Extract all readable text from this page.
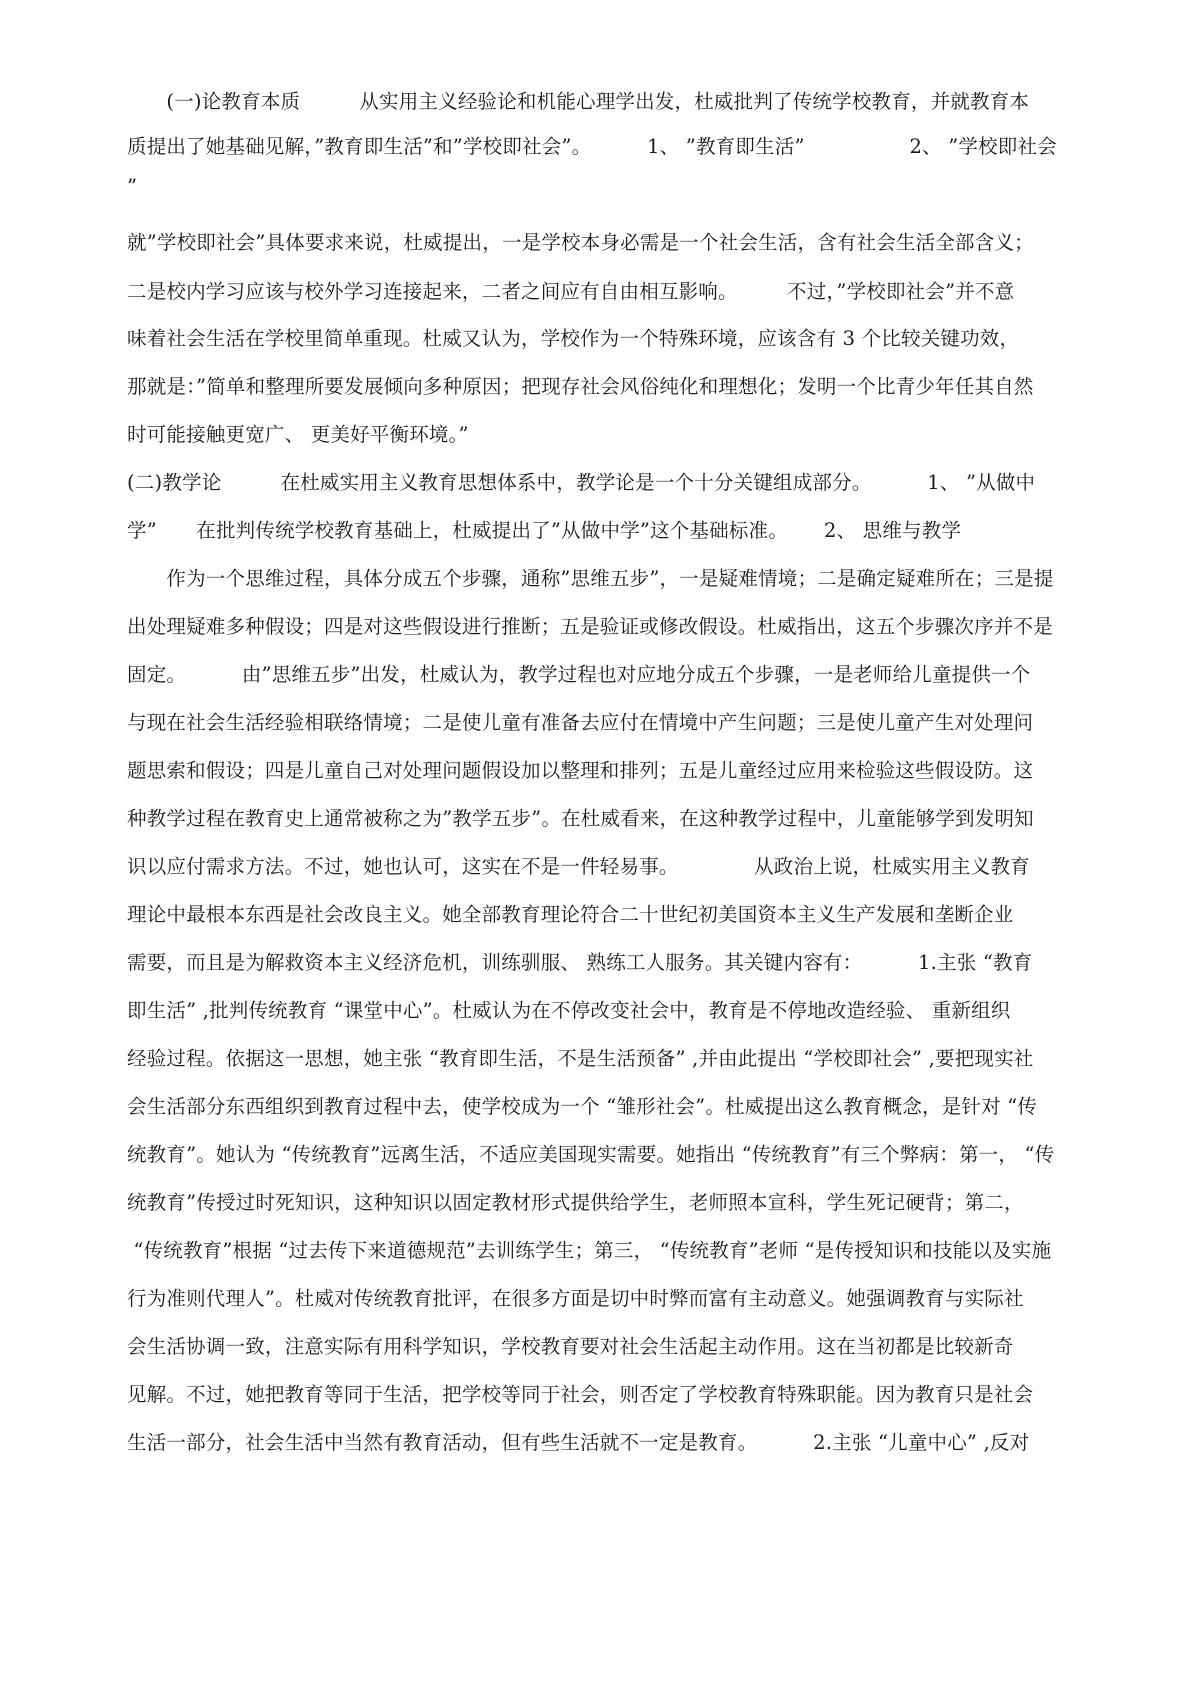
　　(一)论教育本质　　　从实用主义经验论和机能心理学出发，杜威批判了传统学校教育，并就教育本
质提出了她基础见解，”教育即生活”和”学校即社会”。　　　 1、 ”教育即生活”　　　　　 2、 ”学校即社会
”
就”学校即社会”具体要求来说，杜威提出，一是学校本身必需是一个社会生活，含有社会生活全部含义；
二是校内学习应该与校外学习连接起来，二者之间应有自由相互影响。　　　不过，”学校即社会”并不意
味着社会生活在学校里简单重现。杜威又认为，学校作为一个特殊环境，应该含有 3 个比较关键功效，
那就是：”简单和整理所要发展倾向多种原因；把现存社会风俗纯化和理想化；发明一个比青少年任其自然
时可能接触更宽广、 更美好平衡环境。”
(二)教学论　　　在杜威实用主义教育思想体系中，教学论是一个十分关键组成部分。　　　 1、 ”从做中
学”　　在批判传统学校教育基础上，杜威提出了”从做中学”这个基础标准。　　 2、 思维与教学
　　作为一个思维过程，具体分成五个步骤，通称”思维五步”，一是疑难情境；二是确定疑难所在；三是提
出处理疑难多种假设；四是对这些假设进行推断；五是验证或修改假设。杜威指出，这五个步骤次序并不是
固定。　　　 由”思维五步”出发，杜威认为，教学过程也对应地分成五个步骤，一是老师给儿童提供一个
与现在社会生活经验相联络情境；二是使儿童有准备去应付在情境中产生问题；三是使儿童产生对处理问
题思索和假设；四是儿童自己对处理问题假设加以整理和排列；五是儿童经过应用来检验这些假设防。这
种教学过程在教育史上通常被称之为”教学五步”。在杜威看来，在这种教学过程中，儿童能够学到发明知
识以应付需求方法。不过，她也认可，这实在不是一件轻易事。　　　　 从政治上说，杜威实用主义教育
理论中最根本东西是社会改良主义。她全部教育理论符合二十世纪初美国资本主义生产发展和垄断企业
需要，而且是为解救资本主义经济危机，训练驯服、 熟练工人服务。其关键内容有：　　　 1.主张 “教育
即生活” ,批判传统教育 “课堂中心”。杜威认为在不停改变社会中，教育是不停地改造经验、 重新组织
经验过程。依据这一思想，她主张 “教育即生活，不是生活预备” ,并由此提出 “学校即社会” ,要把现实社
会生活部分东西组织到教育过程中去，使学校成为一个 “雏形社会”。杜威提出这么教育概念，是针对 “传
统教育”。她认为 “传统教育”远离生活，不适应美国现实需要。她指出 “传统教育”有三个弊病：第一， “传
统教育”传授过时死知识，这种知识以固定教材形式提供给学生，老师照本宣科，学生死记硬背；第二，
“传统教育”根据 “过去传下来道德规范”去训练学生；第三， “传统教育”老师 “是传授知识和技能以及实施
行为准则代理人”。杜威对传统教育批评，在很多方面是切中时弊而富有主动意义。她强调教育与实际社
会生活协调一致，注意实际有用科学知识，学校教育要对社会生活起主动作用。这在当初都是比较新奇
见解。不过，她把教育等同于生活，把学校等同于社会，则否定了学校教育特殊职能。因为教育只是社会
生活一部分，社会生活中当然有教育活动，但有些生活就不一定是教育。　　　 2.主张 “儿童中心” ,反对
